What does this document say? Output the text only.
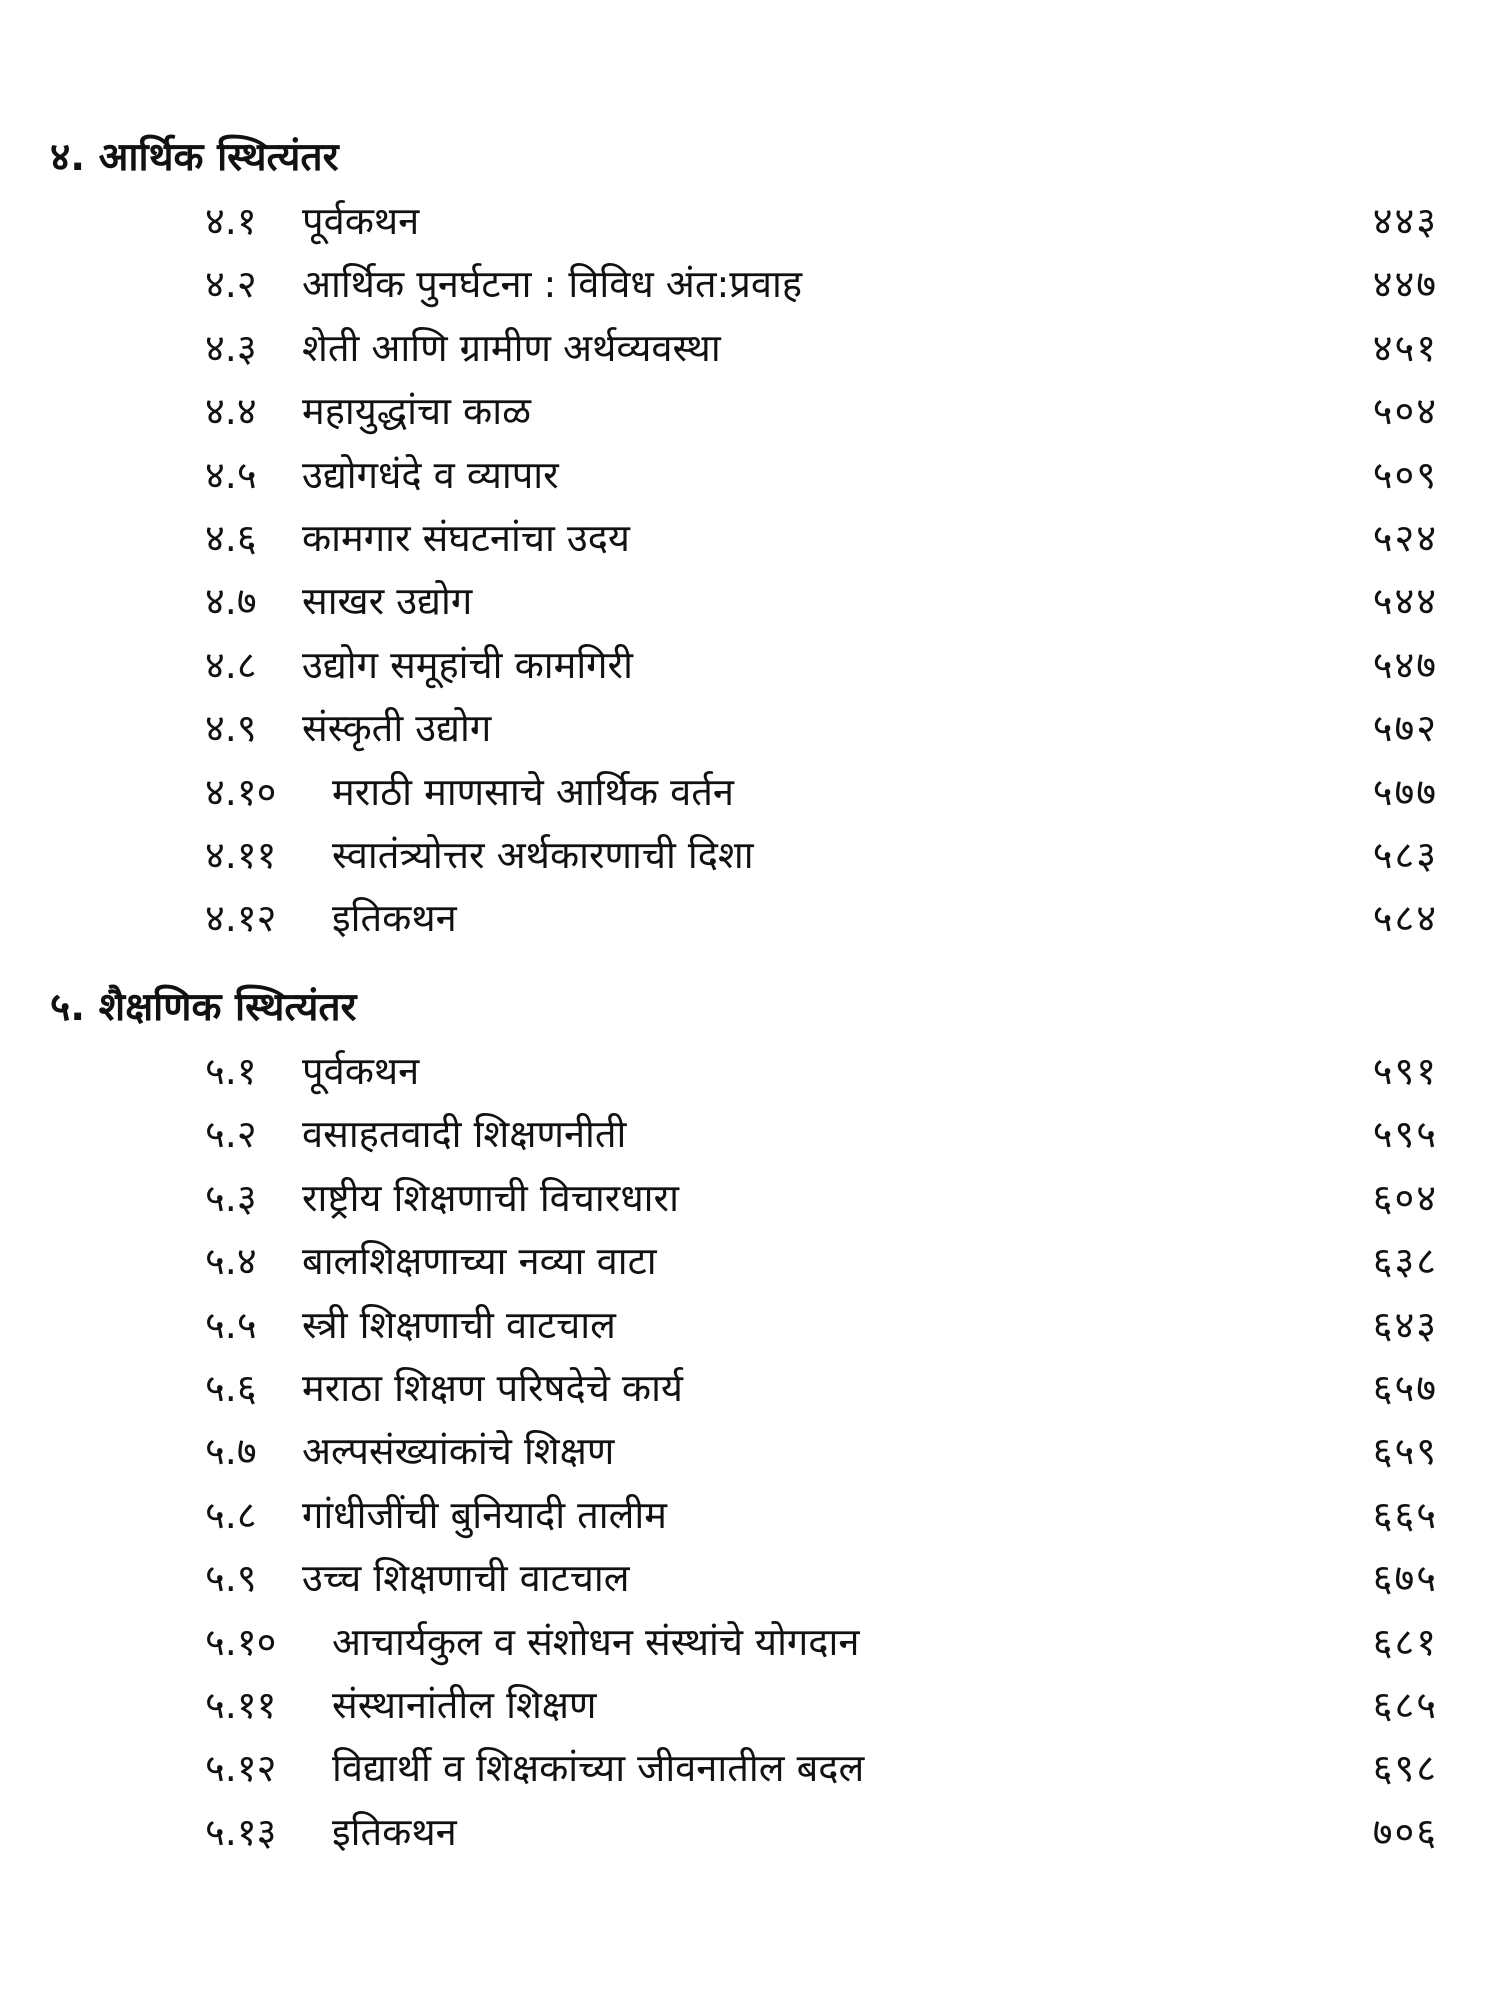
४. आर्थिक स्थित्यंतर
४.१ पूर्वकथन	४४३
४.२ आर्थिक पुनर्घटना : विविध अंत:प्रवाह	४४७
४.३ शेती आणि ग्रामीण अर्थव्यवस्था	४५१
४.४ महायुद्धांचा काळ	५०४
४.५ उद्योगधंदे व व्यापार	५०९
४.६ कामगार संघटनांचा उदय	५२४
४.७ साखर उद्योग	५४४
४.८ उद्योग समूहांची कामगिरी	५४७
४.९ संस्कृती उद्योग	५७२
४.१० मराठी माणसाचे आर्थिक वर्तन	५७७
४.११ स्वातंत्र्योत्तर अर्थकारणाची दिशा	५८३
४.१२ इतिकथन	५८४
५. शैक्षणिक स्थित्यंतर
५.१ पूर्वकथन	५९१
५.२ वसाहतवादी शिक्षणनीती	५९५
५.३ राष्ट्रीय शिक्षणाची विचारधारा	६०४
५.४ बालशिक्षणाच्या नव्या वाटा	६३८
५.५ स्त्री शिक्षणाची वाटचाल	६४३
५.६ मराठा शिक्षण परिषदेचे कार्य	६५७
५.७ अल्पसंख्यांकांचे शिक्षण	६५९
५.८ गांधीजींची बुनियादी तालीम	६६५
५.९ उच्च शिक्षणाची वाटचाल	६७५
५.१० आचार्यकुल व संशोधन संस्थांचे योगदान	६८१
५.११ संस्थानांतील शिक्षण	६८५
५.१२ विद्यार्थी व शिक्षकांच्या जीवनातील बदल	६९८
५.१३ इतिकथन	७०६
